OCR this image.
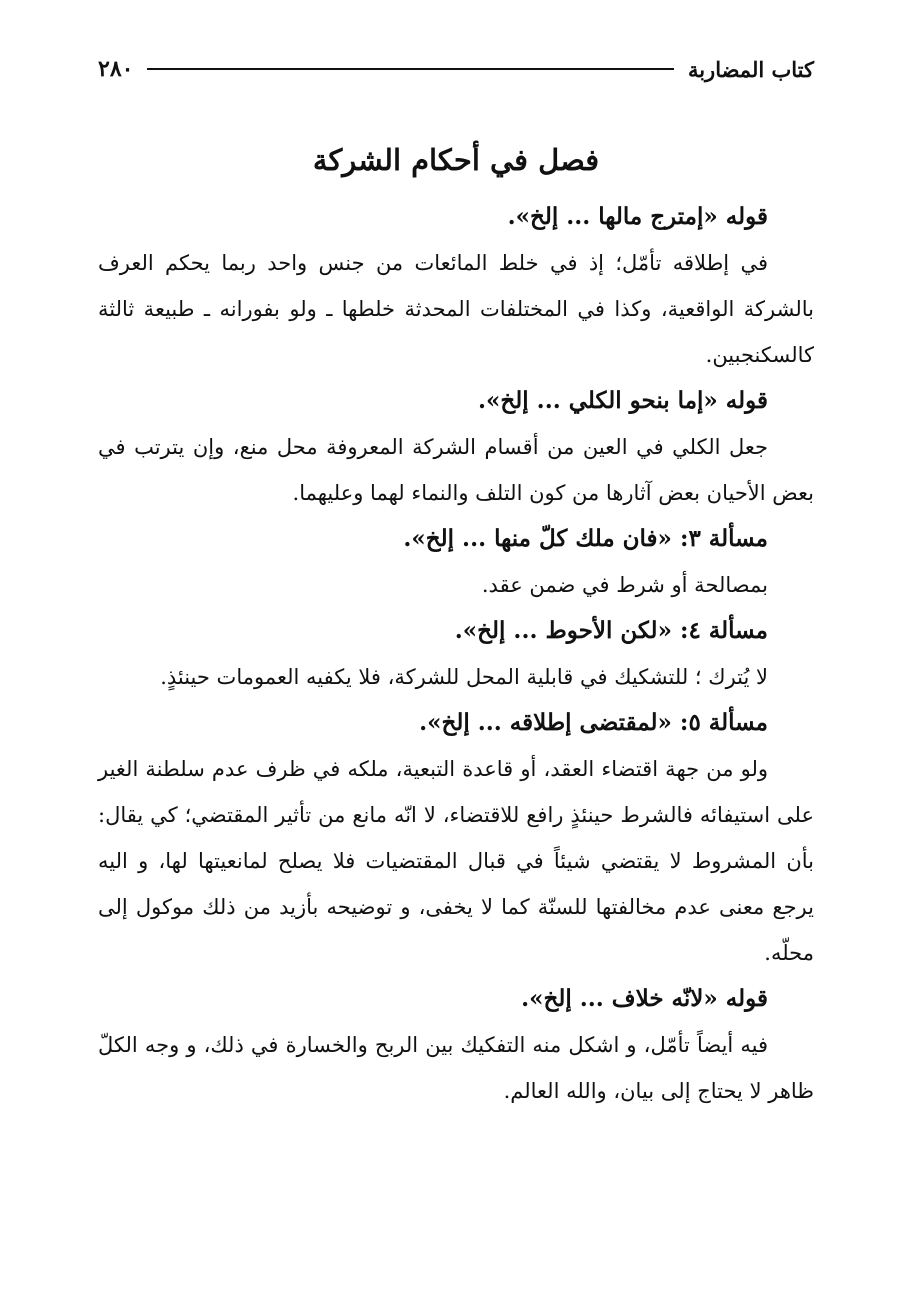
كتاب المضاربة
٢٨٠
فصل في أحكام الشركة

قوله «إمترج مالها ... إلخ».

في إطلاقه تأمّل؛ إذ في خلط المائعات من جنس واحد ربما يحكم العرف بالشركة الواقعية، وكذا في المختلفات المحدثة خلطها ـ ولو بفورانه ـ طبيعة ثالثة كالسكنجبين.

قوله «إما بنحو الكلي ... إلخ».

جعل الكلي في العين من أقسام الشركة المعروفة محل منع، وإن يترتب في بعض الأحيان بعض آثارها من كون التلف والنماء لهما وعليهما.

مسألة ٣: «فان ملك كلّ منها ... إلخ».

بمصالحة أو شرط في ضمن عقد.

مسألة ٤: «لكن الأحوط ... إلخ».

لا يُترك ؛ للتشكيك في قابلية المحل للشركة، فلا يكفيه العمومات حينئذٍ.

مسألة ٥: «لمقتضى إطلاقه ... إلخ».

ولو من جهة اقتضاء العقد، أو قاعدة التبعية، ملكه في ظرف عدم سلطنة الغير على استيفائه فالشرط حينئذٍ رافع للاقتضاء، لا انّه مانع من تأثير المقتضي؛ كي يقال: بأن المشروط لا يقتضي شيئاً في قبال المقتضيات فلا يصلح لمانعيتها لها، و اليه يرجع معنى عدم مخالفتها للسنّة كما لا يخفى، و توضيحه بأزيد من ذلك موكول إلى محلّه.

قوله «لانّه خلاف ... إلخ».

فيه أيضاً تأمّل، و اشكل منه التفكيك بين الربح والخسارة في ذلك، و وجه الكلّ ظاهر لا يحتاج إلى بيان، والله العالم.
